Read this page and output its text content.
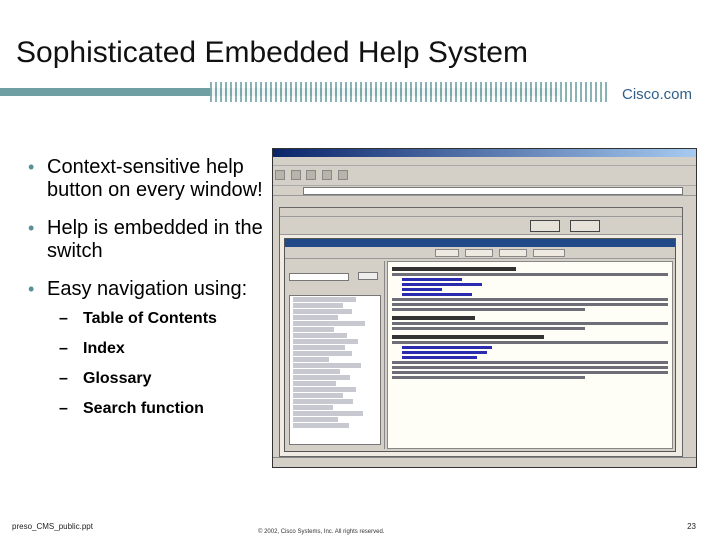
Sophisticated Embedded Help System
Cisco.com
• Context-sensitive help button on every window!
• Help is embedded in the switch
• Easy navigation using:
– Table of Contents
– Index
– Glossary
– Search function

preso_CMS_public.ppt
© 2002, Cisco Systems, Inc. All rights reserved.
23
